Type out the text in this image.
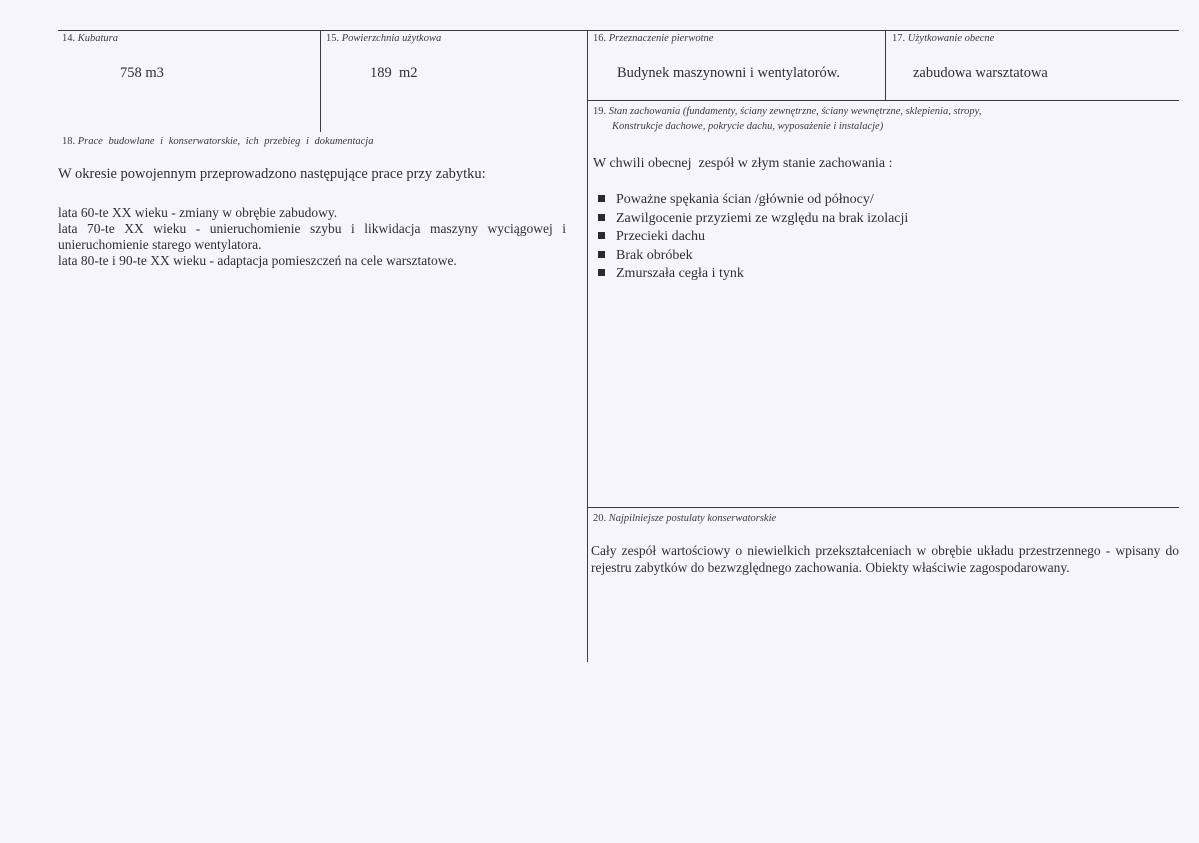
14. Kubatura
758 m3
15. Powierzchnia użytkowa
189  m2
16. Przeznaczenie pierwotne
Budynek maszynowni i wentylatorów.
17. Użytkowanie obecne
zabudowa warsztatowa
18. Prace budowlane i konserwatorskie, ich przebieg i dokumentacja
W okresie powojennym przeprowadzono następujące prace przy zabytku:

lata 60-te XX wieku - zmiany w obrębie zabudowy.

lata 70-te XX wieku - unieruchomienie szybu i likwidacja maszyny wyciągowej i unieruchomienie starego wentylatora.

lata 80-te i 90-te XX wieku - adaptacja pomieszczeń na cele warsztatowe.

19. Stan zachowania (fundamenty, ściany zewnętrzne, ściany wewnętrzne, sklepienia, stropy,
Konstrukcje dachowe, pokrycie dachu, wyposażenie i instalacje)
W chwili obecnej  zespół w złym stanie zachowania :
Poważne spękania ścian /głównie od północy/
Zawilgocenie przyziemi ze względu na brak izolacji
Przecieki dachu
Brak obróbek
Zmurszała cegła i tynk
20. Najpilniejsze postulaty konserwatorskie
Cały zespół wartościowy o niewielkich przekształceniach w obrębie układu przestrzennego - wpisany do rejestru zabytków do bezwzględnego zachowania. Obiekty właściwie zagospodarowany.
